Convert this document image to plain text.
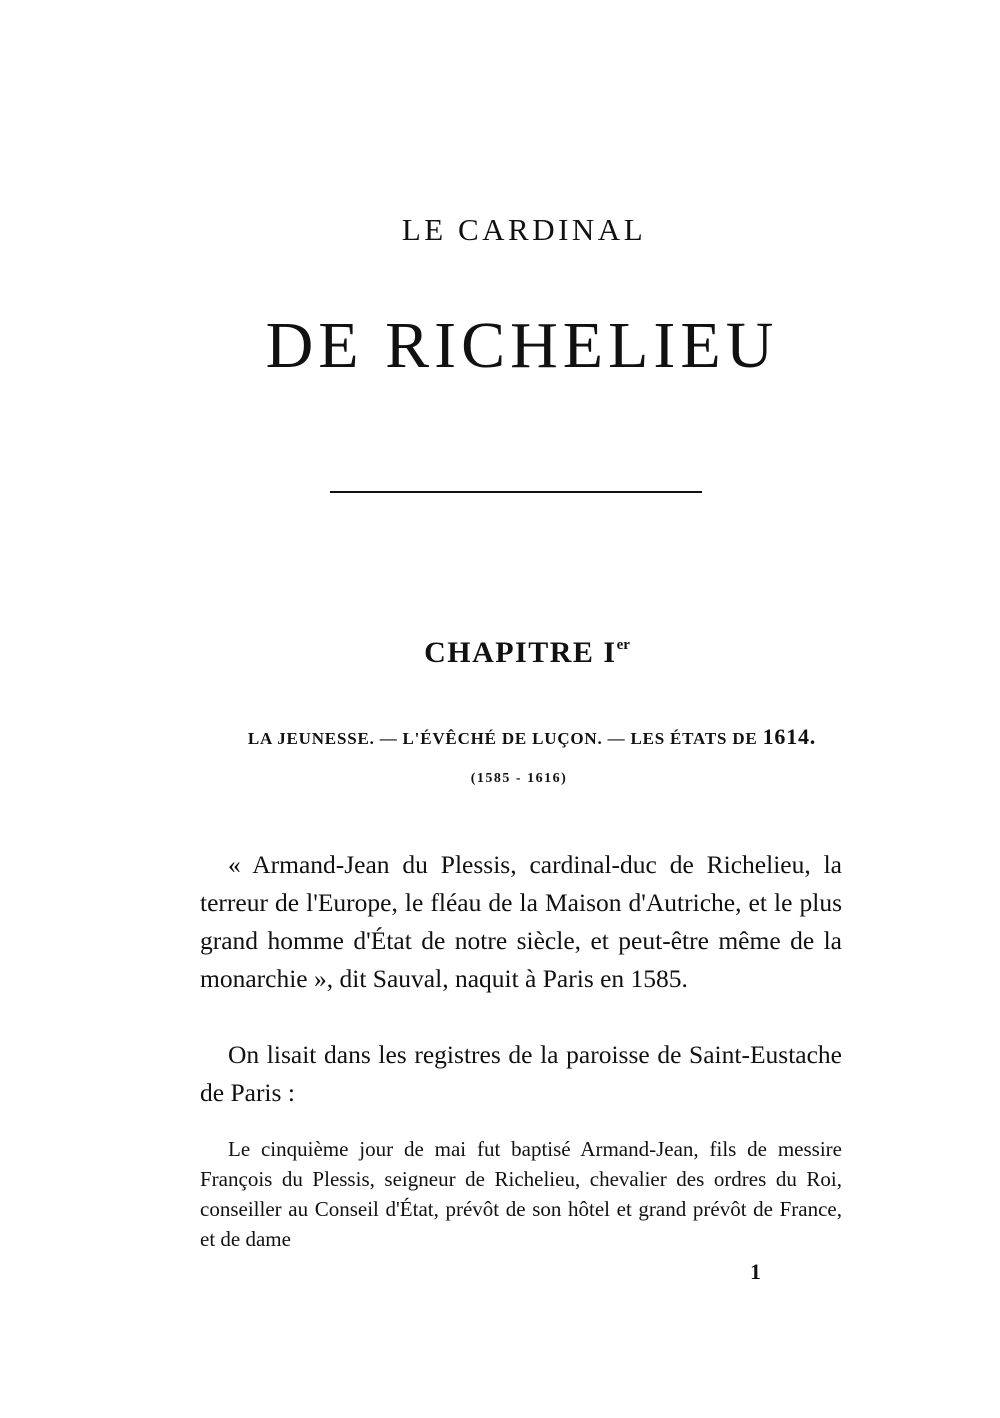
LE CARDINAL
DE RICHELIEU
CHAPITRE Ier
LA JEUNESSE. — L'ÉVÊCHÉ DE LUÇON. — LES ÉTATS DE 1614.
(1585 - 1616)

« Armand-Jean du Plessis, cardinal-duc de Richelieu, la terreur de l'Europe, le fléau de la Maison d'Autriche, et le plus grand homme d'État de notre siècle, et peut-être même de la monarchie », dit Sauval, naquit à Paris en 1585.

On lisait dans les registres de la paroisse de Saint-Eustache de Paris :

Le cinquième jour de mai fut baptisé Armand-Jean, fils de messire François du Plessis, seigneur de Richelieu, chevalier des ordres du Roi, conseiller au Conseil d'État, prévôt de son hôtel et grand prévôt de France, et de dame

1
